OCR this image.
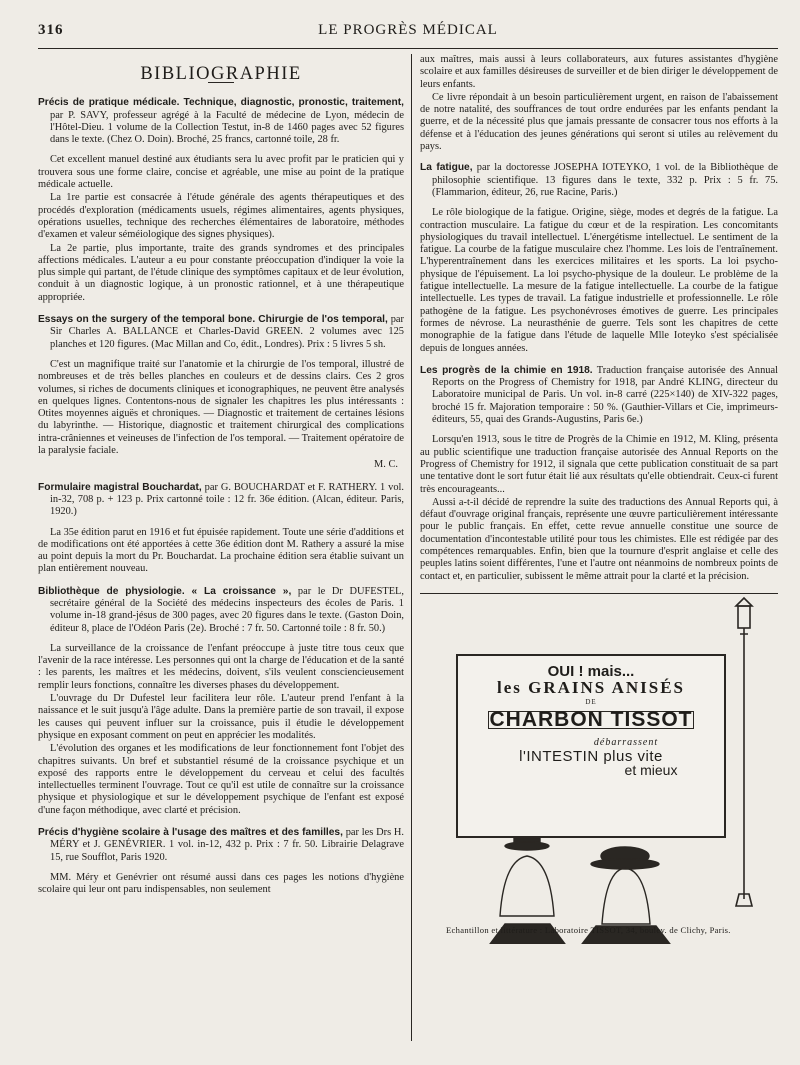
316	LE PROGRÈS MÉDICAL
BIBLIOGRAPHIE

Précis de pratique médicale. Technique, diagnostic, pronostic, traitement, par P. SAVY, professeur agrégé à la Faculté de médecine de Lyon, médecin de l'Hôtel-Dieu. 1 volume de la Collection Testut, in-8 de 1460 pages avec 52 figures dans le texte. (Chez O. Doin). Broché, 25 francs, cartonné toile, 28 fr.

Cet excellent manuel destiné aux étudiants sera lu avec profit par le praticien qui y trouvera sous une forme claire, concise et agréable, une mise au point de la pratique médicale actuelle.

La 1re partie est consacrée à l'étude générale des agents thérapeutiques et des procédés d'exploration (médicaments usuels, régimes alimentaires, agents physiques, opérations usuelles, technique des recherches élémentaires de laboratoire, méthodes d'examen et valeur séméiologique des signes physiques).

La 2e partie, plus importante, traite des grands syndromes et des principales affections médicales. L'auteur a eu pour constante préoccupation d'indiquer la voie la plus simple qui partant, de l'étude clinique des symptômes capitaux et de leur évolution, conduit à un diagnostic logique, à un pronostic rationnel, et à une thérapeutique appropriée.

Essays on the surgery of the temporal bone. Chirurgie de l'os temporal, par Sir Charles A. BALLANCE et Charles-David GREEN. 2 volumes avec 125 planches et 120 figures. (Mac Millan and Co, édit., Londres). Prix : 5 livres 5 sh.

C'est un magnifique traité sur l'anatomie et la chirurgie de l'os temporal, illustré de nombreuses et de très belles planches en couleurs et de dessins clairs. Ces 2 gros volumes, si riches de documents cliniques et iconographiques, ne peuvent être analysés en quelques lignes. Contentons-nous de signaler les chapitres les plus intéressants : Otites moyennes aiguës et chroniques. — Diagnostic et traitement de certaines lésions du labyrinthe. — Historique, diagnostic et traitement chirurgical des complications intra-crâniennes et veineuses de l'infection de l'os temporal. — Traitement opératoire de la paralysie faciale.

M. C.

Formulaire magistral Bouchardat, par G. BOUCHARDAT et F. RATHERY. 1 vol. in-32, 708 p. + 123 p. Prix cartonné toile : 12 fr. 36e édition. (Alcan, éditeur. Paris, 1920.)

La 35e édition parut en 1916 et fut épuisée rapidement. Toute une série d'additions et de modifications ont été apportées à cette 36e édition dont M. Rathery a assuré la mise au point depuis la mort du Pr. Bouchardat. La prochaine édition sera établie suivant un plan entièrement nouveau.

Bibliothèque de physiologie. « La croissance », par le Dr DUFESTEL, secrétaire général de la Société des médecins inspecteurs des écoles de Paris. 1 volume in-18 grand-jésus de 300 pages, avec 20 figures dans le texte. (Gaston Doin, éditeur 8, place de l'Odéon Paris (2e). Broché : 7 fr. 50. Cartonné toile : 8 fr. 50.)

La surveillance de la croissance de l'enfant préoccupe à juste titre tous ceux que l'avenir de la race intéresse. Les personnes qui ont la charge de l'éducation et de la santé : les parents, les maîtres et les médecins, doivent, s'ils veulent consciencieusement remplir leurs fonctions, connaître les diverses phases du développement.

L'ouvrage du Dr Dufestel leur facilitera leur rôle. L'auteur prend l'enfant à la naissance et le suit jusqu'à l'âge adulte. Dans la première partie de son travail, il expose les causes qui peuvent influer sur la croissance, puis il étudie le développement physique en exposant comment on peut en apprécier les modalités.

L'évolution des organes et les modifications de leur fonctionnement font l'objet des chapitres suivants. Un bref et substantiel résumé de la croissance psychique et un exposé des rapports entre le développement du cerveau et celui des facultés intellectuelles terminent l'ouvrage. Tout ce qu'il est utile de connaître sur la croissance physique et physiologique et sur le développement psychique de l'enfant est exposé d'une façon méthodique, avec clarté et précision.

Précis d'hygiène scolaire à l'usage des maîtres et des familles, par les Drs H. MÉRY et J. GENÉVRIER. 1 vol. in-12, 432 p. Prix : 7 fr. 50. Librairie Delagrave 15, rue Soufflot, Paris 1920.

MM. Méry et Genévrier ont résumé aussi dans ces pages les notions d'hygiène scolaire qui leur ont paru indispensables, non seulement

aux maîtres, mais aussi à leurs collaborateurs, aux futures assistantes d'hygiène scolaire et aux familles désireuses de surveiller et de bien diriger le développement de leurs enfants.

Ce livre répondait à un besoin particulièrement urgent, en raison de l'abaissement de notre natalité, des souffrances de tout ordre endurées par les enfants pendant la guerre, et de la nécessité plus que jamais pressante de consacrer tous nos efforts à la défense et à l'éducation des jeunes générations qui seront si utiles au relèvement du pays.

La fatigue, par la doctoresse JOSEPHA IOTEYKO, 1 vol. de la Bibliothèque de philosophie scientifique. 13 figures dans le texte, 332 p. Prix : 5 fr. 75. (Flammarion, éditeur, 26, rue Racine, Paris.)

Le rôle biologique de la fatigue. Origine, siège, modes et degrés de la fatigue. La contraction musculaire. La fatigue du cœur et de la respiration. Les concomitants physiologiques du travail intellectuel. L'énergétisme intellectuel. Le sentiment de la fatigue. La courbe de la fatigue musculaire chez l'homme. Les lois de l'entraînement. L'hyperentraînement dans les exercices militaires et les sports. La loi psycho-physique de l'épuisement. La loi psycho-physique de la douleur. Le problème de la fatigue intellectuelle. La mesure de la fatigue intellectuelle. La courbe de la fatigue intellectuelle. Les types de travail. La fatigue industrielle et professionnelle. Le rôle pathogène de la fatigue. Les psychonévroses émotives de guerre. Les principales formes de névrose. La neurasthénie de guerre. Tels sont les chapitres de cette monographie de la fatigue dans l'étude de laquelle Mlle Ioteyko s'est spécialisée depuis de longues années.

Les progrès de la chimie en 1918. Traduction française autorisée des Annual Reports on the Progress of Chemistry for 1918, par André KLING, directeur du Laboratoire municipal de Paris. Un vol. in-8 carré (225×140) de XIV-322 pages, broché 15 fr. Majoration temporaire : 50 %. (Gauthier-Villars et Cie, imprimeurs-éditeurs, 55, quai des Grands-Augustins, Paris 6e.)

Lorsqu'en 1913, sous le titre de Progrès de la Chimie en 1912, M. Kling, présenta au public scientifique une traduction française autorisée des Annual Reports on the Progress of Chemistry for 1912, il signala que cette publication constituait de sa part une tentative dont le sort futur était lié aux résultats qu'elle obtiendrait. Ceux-ci furent très encourageants...

Aussi a-t-il décidé de reprendre la suite des traductions des Annual Reports qui, à défaut d'ouvrage original français, représente une œuvre particulièrement intéressante pour le public français. En effet, cette revue annuelle constitue une source de documentation d'incontestable utilité pour tous les chimistes. Elle est rédigée par des compétences remarquables. Enfin, bien que la tournure d'esprit anglaise et celle des peuples latins soient différentes, l'une et l'autre ont néanmoins de nombreux points de contact et, en particulier, subissent le même attrait pour la clarté et la précision.

OUI ! mais...
les GRAINS ANISÉS
DE
CHARBON TISSOT
débarrassent
l'INTESTIN plus vite
et mieux
Echantillon et littérature : Laboratoire TISSOT, 34, boulev. de Clichy, Paris.
